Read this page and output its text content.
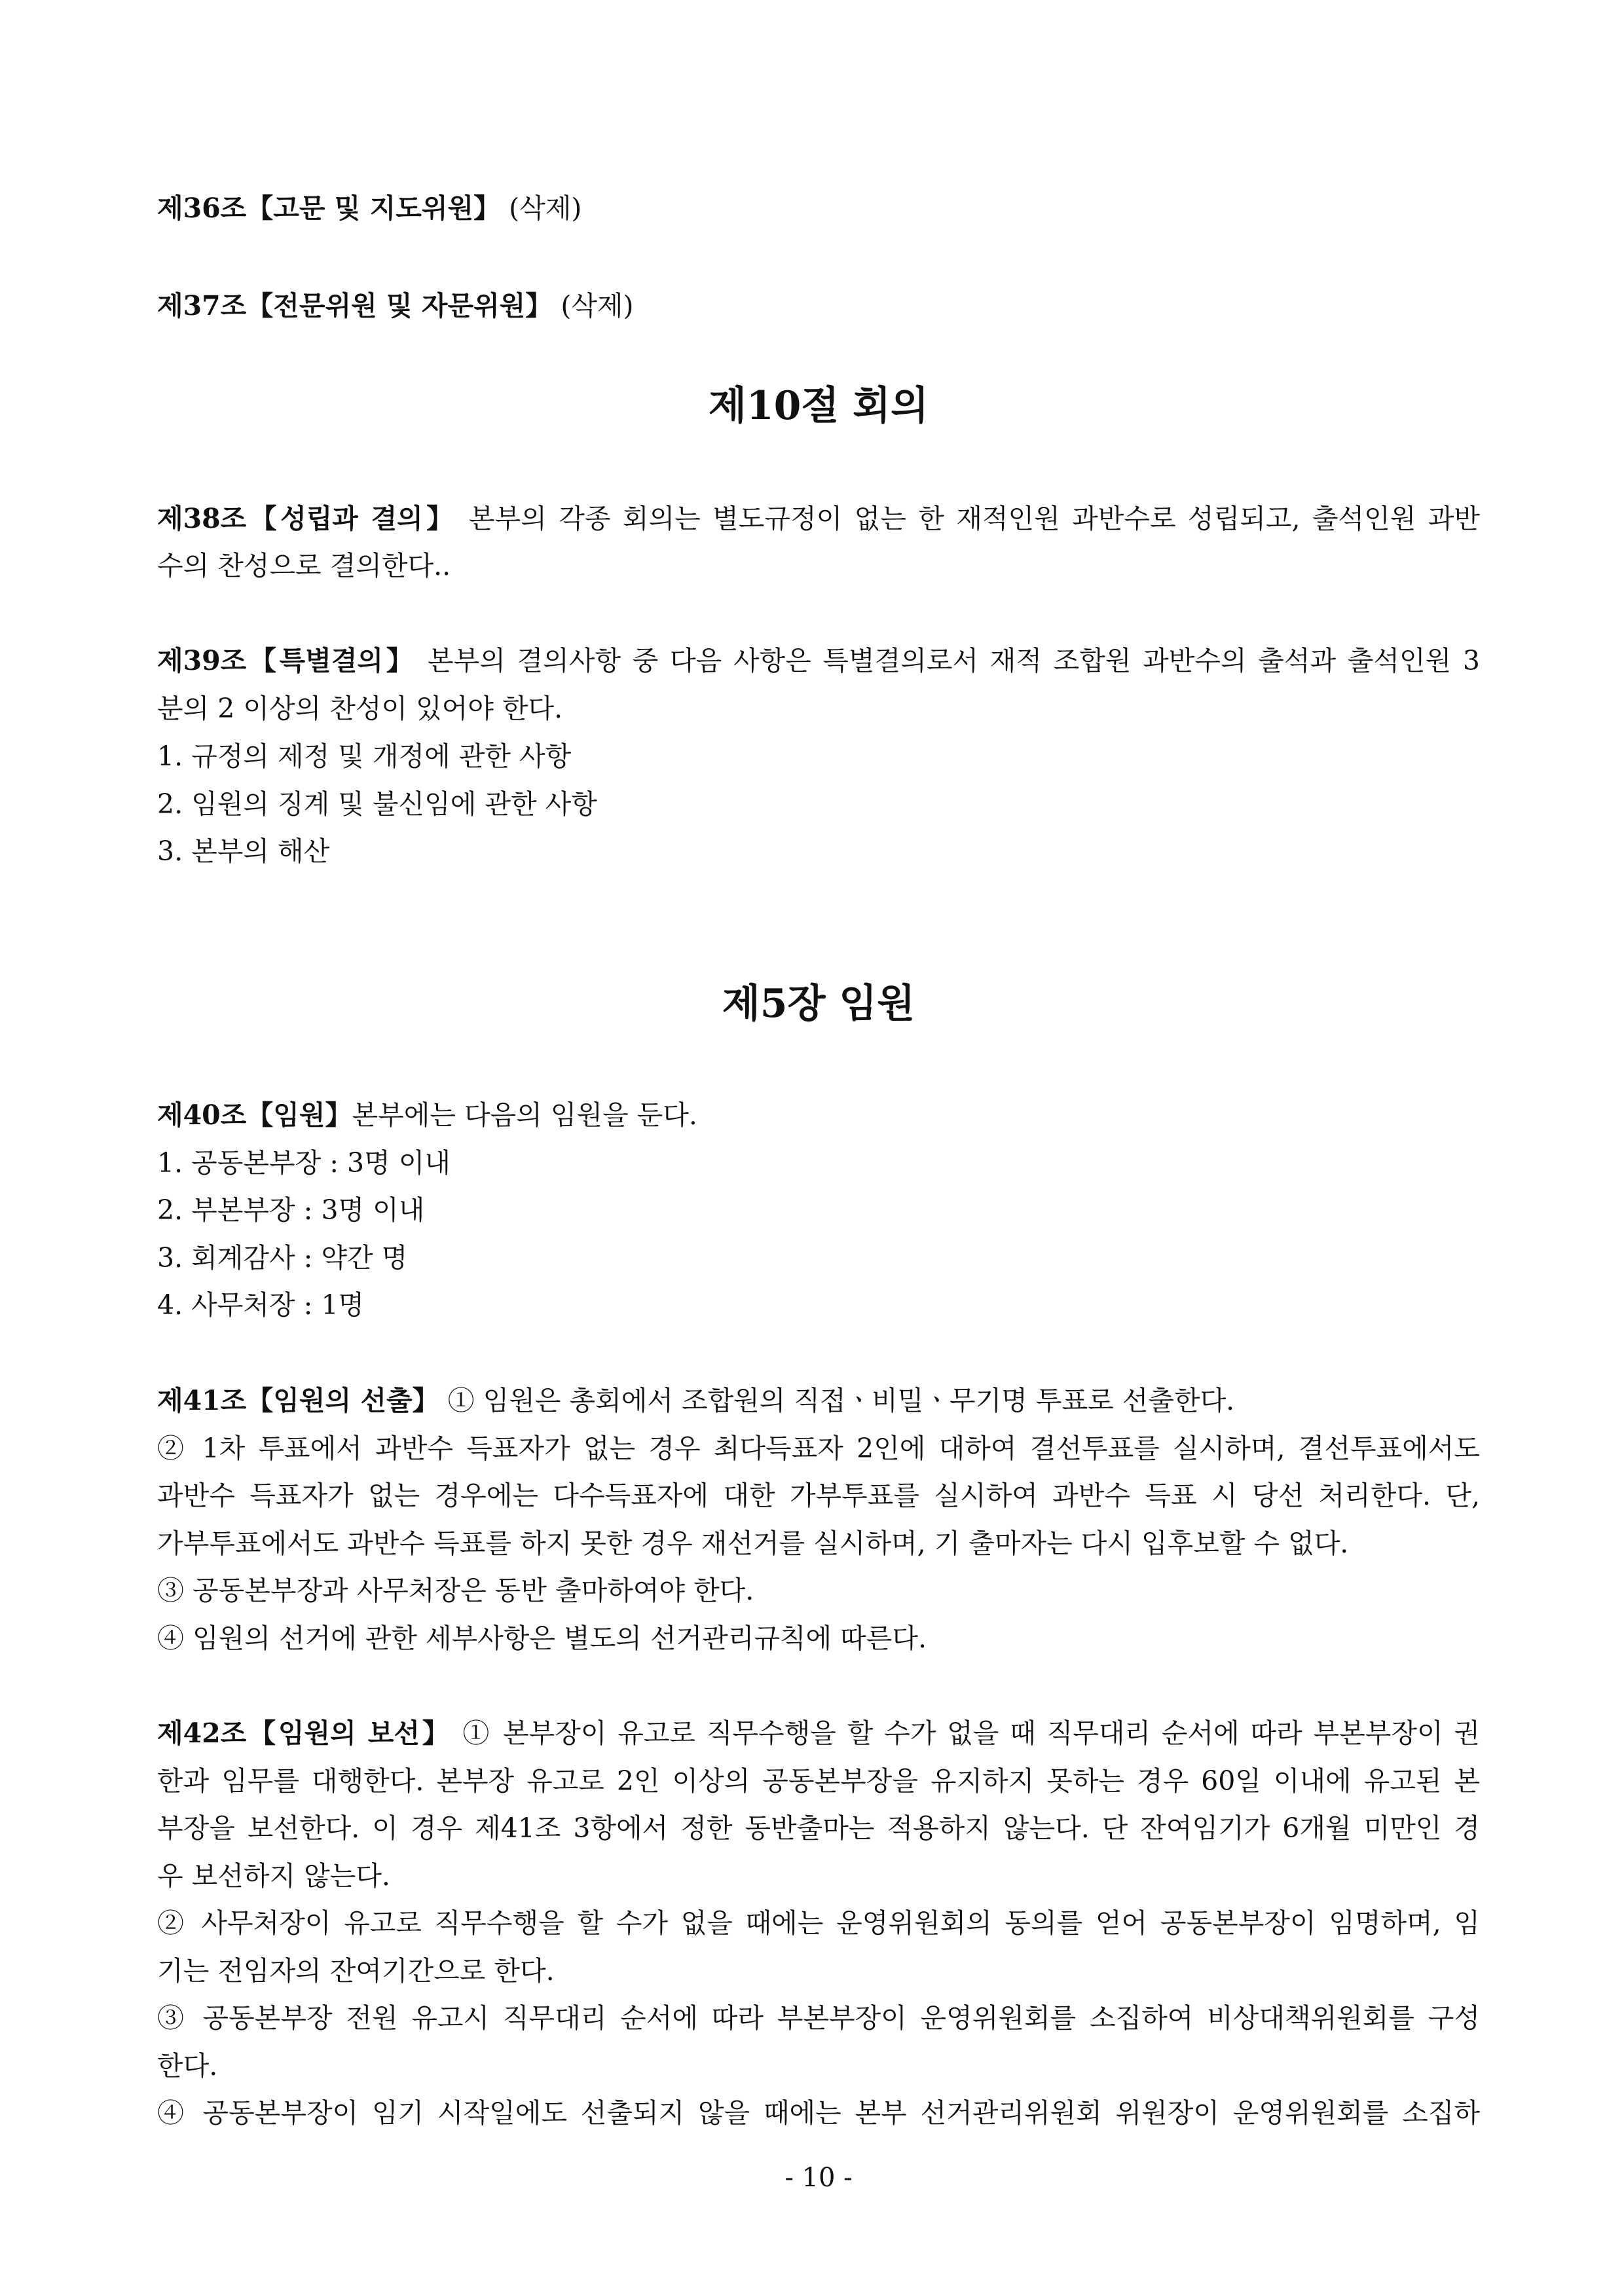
제36조【고문 및 지도위원】 (삭제)
제37조【전문위원 및 자문위원】 (삭제)
제10절 회의
제38조【성립과 결의】 본부의 각종 회의는 별도규정이 없는 한 재적인원 과반수로 성립되고, 출석인원 과반
수의 찬성으로 결의한다..
제39조【특별결의】 본부의 결의사항 중 다음 사항은 특별결의로서 재적 조합원 과반수의 출석과 출석인원 3
분의 2 이상의 찬성이 있어야 한다.
1. 규정의 제정 및 개정에 관한 사항
2. 임원의 징계 및 불신임에 관한 사항
3. 본부의 해산
제5장 임원
제40조【임원】본부에는 다음의 임원을 둔다.
1. 공동본부장 : 3명 이내
2. 부본부장 : 3명 이내
3. 회계감사 : 약간 명
4. 사무처장 : 1명
제41조【임원의 선출】 ① 임원은 총회에서 조합원의 직접ㆍ비밀ㆍ무기명 투표로 선출한다.
② 1차 투표에서 과반수 득표자가 없는 경우 최다득표자 2인에 대하여 결선투표를 실시하며, 결선투표에서도
과반수 득표자가 없는 경우에는 다수득표자에 대한 가부투표를 실시하여 과반수 득표 시 당선 처리한다. 단,
가부투표에서도 과반수 득표를 하지 못한 경우 재선거를 실시하며, 기 출마자는 다시 입후보할 수 없다.
③ 공동본부장과 사무처장은 동반 출마하여야 한다.
④ 임원의 선거에 관한 세부사항은 별도의 선거관리규칙에 따른다.
제42조【임원의 보선】 ① 본부장이 유고로 직무수행을 할 수가 없을 때 직무대리 순서에 따라 부본부장이 권
한과 임무를 대행한다. 본부장 유고로 2인 이상의 공동본부장을 유지하지 못하는 경우 60일 이내에 유고된 본
부장을 보선한다. 이 경우 제41조 3항에서 정한 동반출마는 적용하지 않는다. 단 잔여임기가 6개월 미만인 경
우 보선하지 않는다.
② 사무처장이 유고로 직무수행을 할 수가 없을 때에는 운영위원회의 동의를 얻어 공동본부장이 임명하며, 임
기는 전임자의 잔여기간으로 한다.
③ 공동본부장 전원 유고시 직무대리 순서에 따라 부본부장이 운영위원회를 소집하여 비상대책위원회를 구성
한다.
④ 공동본부장이 임기 시작일에도 선출되지 않을 때에는 본부 선거관리위원회 위원장이 운영위원회를 소집하
- 10 -
